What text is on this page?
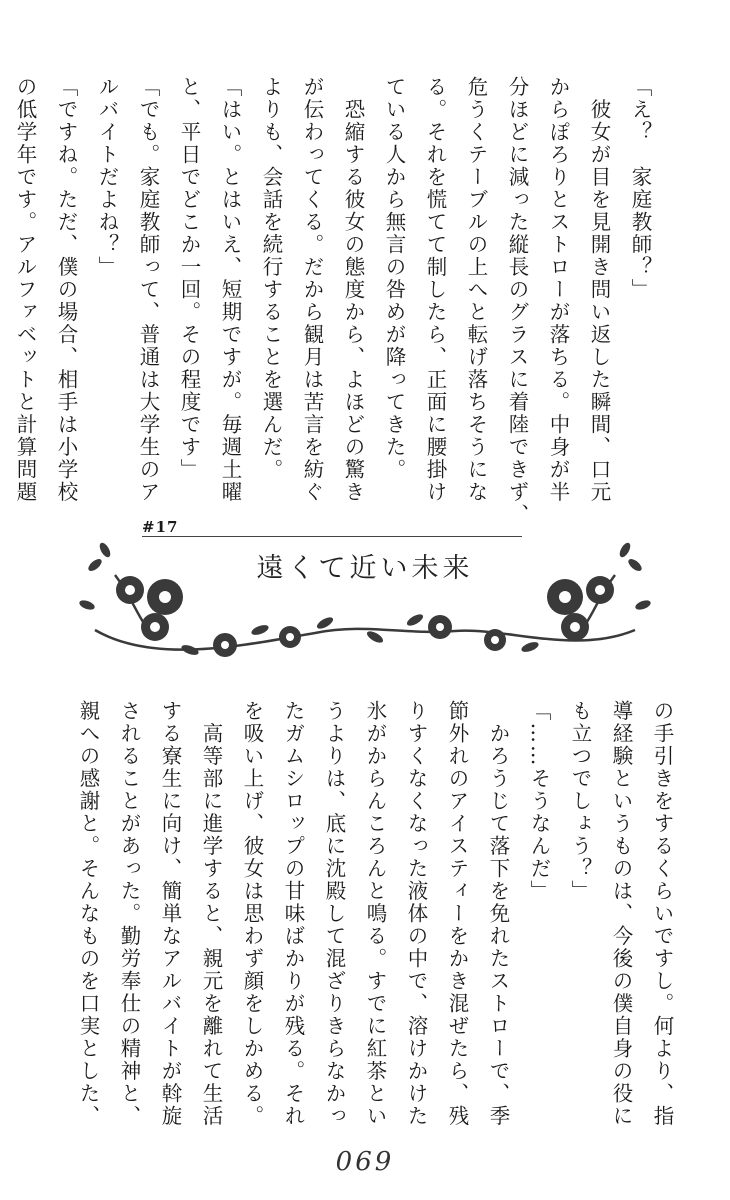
「え？　家庭教師？」

　彼女が目を見開き問い返した瞬間、口元

からぽろりとストローが落ちる。中身が半

分ほどに減った縦長のグラスに着陸できず、

危うくテーブルの上へと転げ落ちそうにな

る。それを慌てて制したら、正面に腰掛け

ている人から無言の咎めが降ってきた。

　恐縮する彼女の態度から、よほどの驚き

が伝わってくる。だから観月は苦言を紡ぐ

よりも、会話を続行することを選んだ。

「はい。とはいえ、短期ですが。毎週土曜

と、平日でどこか一回。その程度です」

「でも。家庭教師って、普通は大学生のア

ルバイトだよね？」

「ですね。ただ、僕の場合、相手は小学校

の低学年です。アルファベットと計算問題

#17
遠くて近い未来

の手引きをするくらいですし。何より、指

導経験というものは、今後の僕自身の役に

も立つでしょう？」

「……そうなんだ」

　かろうじて落下を免れたストローで、季

節外れのアイスティーをかき混ぜたら、残

りすくなくなった液体の中で、溶けかけた

氷がからんころんと鳴る。すでに紅茶とい

うよりは、底に沈殿して混ざりきらなかっ

たガムシロップの甘味ばかりが残る。それ

を吸い上げ、彼女は思わず顔をしかめる。

　高等部に進学すると、親元を離れて生活

する寮生に向け、簡単なアルバイトが斡旋

されることがあった。勤労奉仕の精神と、

親への感謝と。そんなものを口実とした、

069
